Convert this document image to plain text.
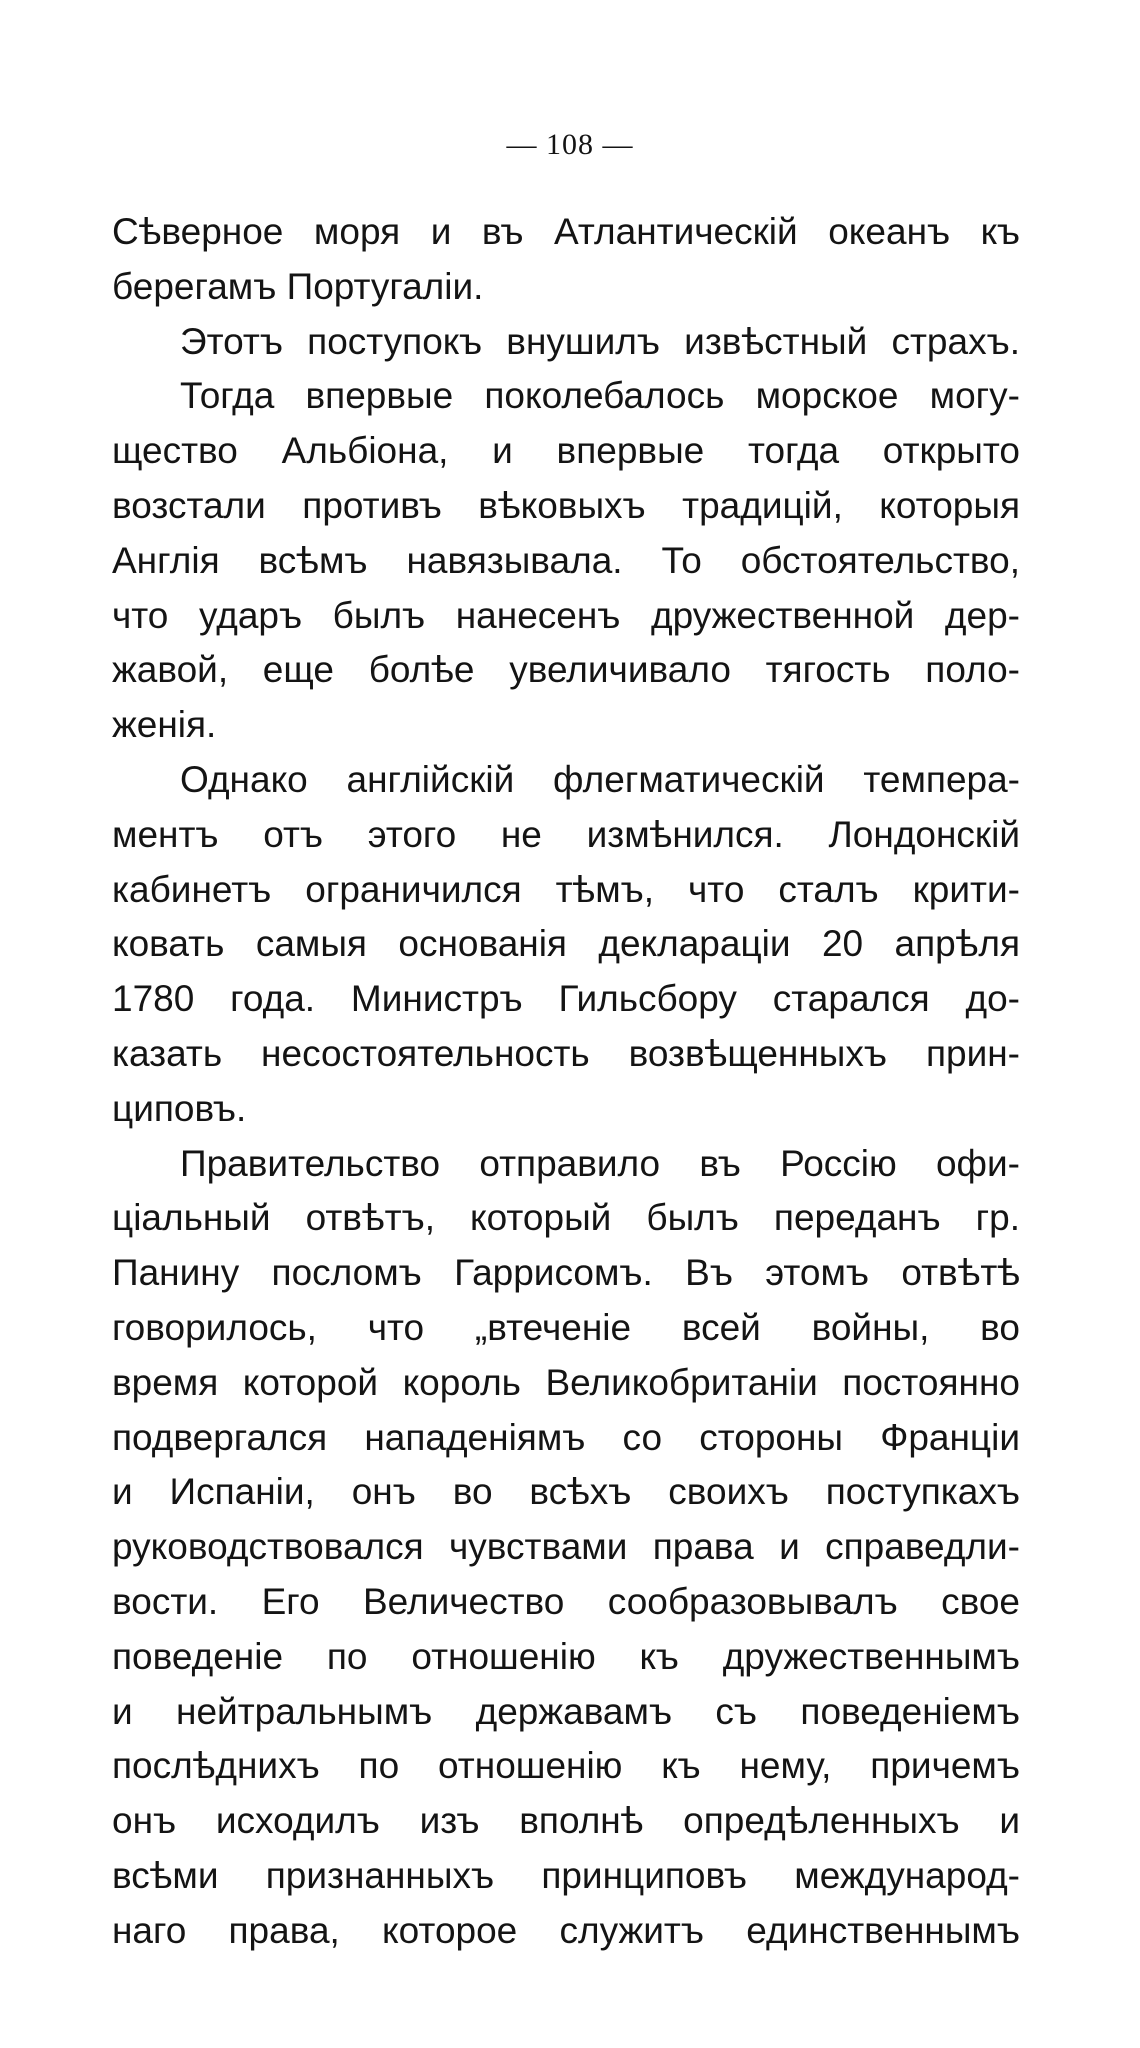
— 108 —
Сѣверное моря и въ Атлантическій океанъ къ
берегамъ Португаліи.
Этотъ поступокъ внушилъ извѣстный страхъ.
Тогда впервые поколебалось морское могу-
щество Альбіона, и впервые тогда открыто
возстали противъ вѣковыхъ традицій, которыя
Англія всѣмъ навязывала. То обстоятельство,
что ударъ былъ нанесенъ дружественной дер-
жавой, еще болѣе увеличивало тягость поло-
женія.
Однако англійскій флегматическій темпера-
ментъ отъ этого не измѣнился. Лондонскій
кабинетъ ограничился тѣмъ, что сталъ крити-
ковать самыя основанія деклараціи 20 апрѣля
1780 года. Министръ Гильсбору старался до-
казать несостоятельность возвѣщенныхъ прин-
циповъ.
Правительство отправило въ Россію офи-
ціальный отвѣтъ, который былъ переданъ гр.
Панину посломъ Гаррисомъ. Въ этомъ отвѣтѣ
говорилось, что „втеченіе всей войны, во
время которой король Великобританіи постоянно
подвергался нападеніямъ со стороны Франціи
и Испаніи, онъ во всѣхъ своихъ поступкахъ
руководствовался чувствами права и справедли-
вости. Его Величество сообразовывалъ свое
поведеніе по отношенію къ дружественнымъ
и нейтральнымъ державамъ съ поведеніемъ
послѣднихъ по отношенію къ нему, причемъ
онъ исходилъ изъ вполнѣ опредѣленныхъ и
всѣми признанныхъ принциповъ международ-
наго права, которое служитъ единственнымъ
